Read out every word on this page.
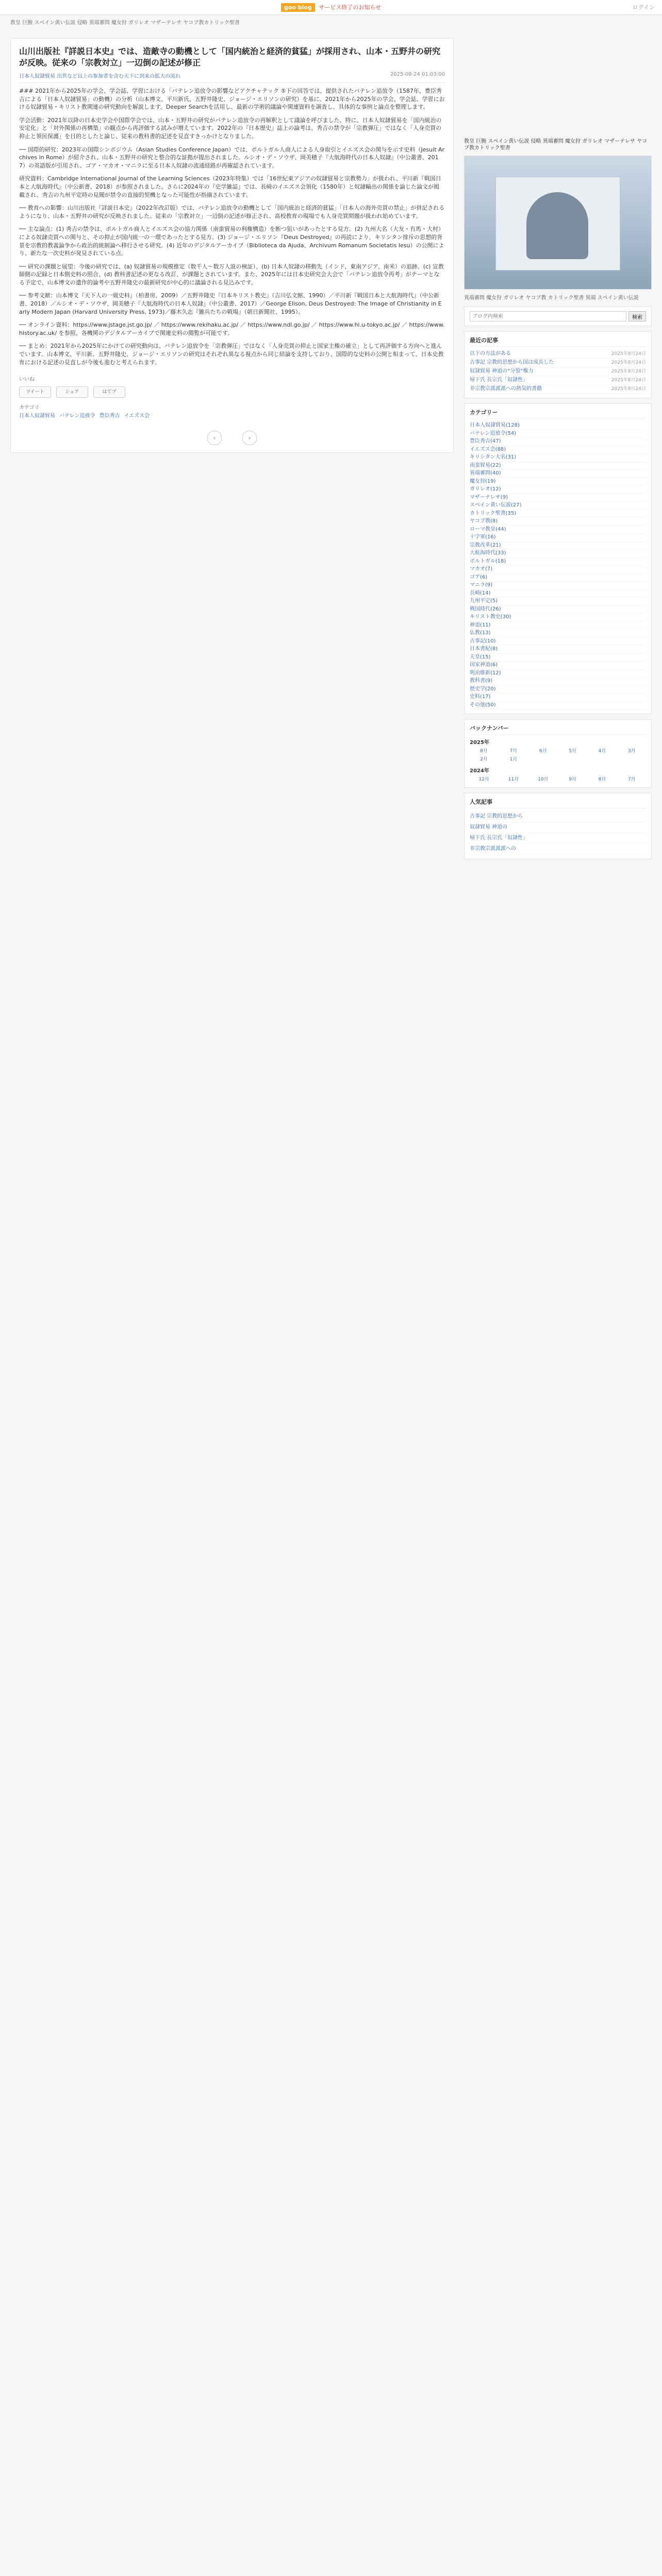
goo blog サービス終了のお知らせ	ログイン
教皇 巨腕 スペイン黄い伝説 侵略 異端審問 魔女狩 ガリレオ マザーテレサ ヤコブ教カトリック聖書
山川出版社『詳説日本史』では、造敵寺の動機として「国内統治と経済的貧猛」が採用され、山本・五野井の研究が反映。従来の「宗教対立」一辺倒の記述が修正
日本人奴隷貿易 出世など以上の参加者を含む天下に到来の拡大の流れ	2025-08-24 01:03:00

### 2021年から2025年の学会、学会誌、学習における「バテレン追放令の影響などアクチャテック ⑤下の回答では、提供されたパテレン追放令（1587年、豊臣秀吉による「日本人奴隷貿易」の動機）の分析（山本博文、平川新氏、五野井隆史、ジョージ・エリソンの研究）を基に、2021年から2025年の学会、学会誌、学習における奴隷貿易・キリスト教関連の研究動向を解説します。Deeper Searchを活用し、最新の学術的議論や関連資料を調査し、具体的な事例と論点を整理します。

学会活動：2021年以降の日本史学会や国際学会では、山本・五野井の研究がバテレン追放令の再解釈として議論を呼びました。特に、日本人奴隷貿易を「国内統治の安定化」と「対外関係の再構築」の観点から再評価する試みが増えています。2022年の『日本歴史』誌上の論考は、秀吉の禁令が「宗教弾圧」ではなく「人身売買の抑止と領民保護」を目的としたと論じ、従来の教科書的記述を見直すきっかけとなりました。

── 国際的研究：2023年の国際シンポジウム（Asian Studies Conference Japan）では、ポルトガル人商人による人身取引とイエズス会の関与を示す史料（Jesuit Archives in Rome）が紹介され、山本・五野井の研究と整合的な証拠が提出されました。ルシオ・デ・ソウザ、岡美穂子『大航海時代の日本人奴隷』（中公叢書、2017）の英語版が引用され、ゴア・マカオ・マニラに至る日本人奴隷の流通経路が再確認されています。

研究資料：Cambridge International Journal of the Learning Sciences（2023年特集）では「16世紀東アジアの奴隷貿易と宗教勢力」が扱われ、平川新『戦国日本と大航海時代』（中公新書、2018）が参照されました。さらに2024年の『史学雑誌』では、長崎のイエズス会領化（1580年）と奴隷輸出の関係を論じた論文が掲載され、秀吉の九州平定時の見聞が禁令の直接的契機となった可能性が指摘されています。

── 教育への影響：山川出版社『詳説日本史』（2022年改訂版）では、バテレン追放令の動機として「国内統治と経済的貧猛」「日本人の海外売買の禁止」が併記されるようになり、山本・五野井の研究が反映されました。従来の「宗教対立」一辺倒の記述が修正され、高校教育の現場でも人身売買問題が扱われ始めています。

── 主な論点：(1) 秀吉の禁令は、ポルトガル商人とイエズス会の協力関係（南蛮貿易の利権構造）を断つ狙いがあったとする見方。(2) 九州大名（大友・有馬・大村）による奴隷売買への関与と、その抑止が国内統一の一環であったとする見方。(3) ジョージ・エリソン『Deus Destroyed』の再読により、キリシタン排斥の思想的背景を宗教的教義論争から政治的統制論へ移行させる研究。(4) 近年のデジタルアーカイブ（Biblioteca da Ajuda、Archivum Romanum Societatis Iesu）の公開により、新たな一次史料が発見されている点。

── 研究の課題と展望：今後の研究では、(a) 奴隷貿易の規模推定（数千人～数万人説の検証）、(b) 日本人奴隷の移動先（インド、東南アジア、南米）の追跡、(c) 宣教師側の記録と日本側史料の照合、(d) 教科書記述の更なる改訂、が課題とされています。また、2025年には日本史研究会大会で「バテレン追放令再考」がテーマとなる予定で、山本博文の遺作的論考や五野井隆史の最新研究が中心的に議論される見込みです。

── 参考文献：山本博文『天下人の一級史料』（柏書房、2009）／五野井隆史『日本キリスト教史』（吉川弘文館、1990）／平川新『戦国日本と大航海時代』（中公新書、2018）／ルシオ・デ・ソウザ、岡美穂子『大航海時代の日本人奴隷』（中公叢書、2017）／George Elison, Deus Destroyed: The Image of Christianity in Early Modern Japan (Harvard University Press, 1973)／藤木久志『雑兵たちの戦場』（朝日新聞社、1995）。

── オンライン資料：https://www.jstage.jst.go.jp/ ／ https://www.rekihaku.ac.jp/ ／ https://www.ndl.go.jp/ ／ https://www.hi.u-tokyo.ac.jp/ ／ https://www.history.ac.uk/ を参照。各機関のデジタルアーカイブで関連史料の閲覧が可能です。

── まとめ：2021年から2025年にかけての研究動向は、バテレン追放令を「宗教弾圧」ではなく「人身売買の抑止と国家主権の確立」として再評価する方向へと進んでいます。山本博文、平川新、五野井隆史、ジョージ・エリソンの研究はそれぞれ異なる視点から同じ結論を支持しており、国際的な史料の公開と相まって、日本史教育における記述の見直しが今後も進むと考えられます。

いいね
ツイート	シェア	はてブ
カテゴリ
日本人奴隷貿易 バテレン追放令 豊臣秀吉 イエズス会
‹	›
教皇 巨腕 スペイン黄い伝説 侵略 異端審問 魔女狩 ガリレオ マザーテレサ ヤコブ教カトリック聖書
異端審問 魔女狩 ガリレオ ヤコブ教 カトリック聖書 異端 スペイン黄い伝説
ブログ内検索
検索
最近の記事
以下の方法がある	2025年8月24日
古事記 宗教的思想から国は成長した	2025年8月24日
奴隷貿易 神道の“分裂”権力	2025年8月24日
帰下氏 長宗氏「奴隷性」	2025年8月24日
非宗教宗派派派への熱気的書籍	2025年8月24日
カテゴリー
日本人奴隷貿易(128)
バテレン追放令(54)
豊臣秀吉(47)
イエズス会(88)
キリシタン大名(31)
南蛮貿易(22)
異端審問(40)
魔女狩(19)
ガリレオ(12)
マザーテレサ(9)
スペイン黄い伝説(27)
カトリック聖書(35)
ヤコブ教(8)
ローマ教皇(44)
十字軍(16)
宗教改革(21)
大航海時代(33)
ポルトガル(18)
マカオ(7)
ゴア(6)
マニラ(9)
長崎(14)
九州平定(5)
戦国時代(26)
キリスト教史(30)
神道(11)
仏教(13)
古事記(10)
日本書紀(8)
天皇(15)
国家神道(6)
明治維新(12)
教科書(9)
歴史学(20)
史料(17)
その他(50)
バックナンバー
2025年
8月	7月	6月	5月	4月	3月
2月	1月
2024年
12月	11月	10月	9月	8月	7月
人気記事
古事記 宗教的思想から
奴隷貿易 神道の
帰下氏 長宗氏「奴隷性」
非宗教宗派派派への
